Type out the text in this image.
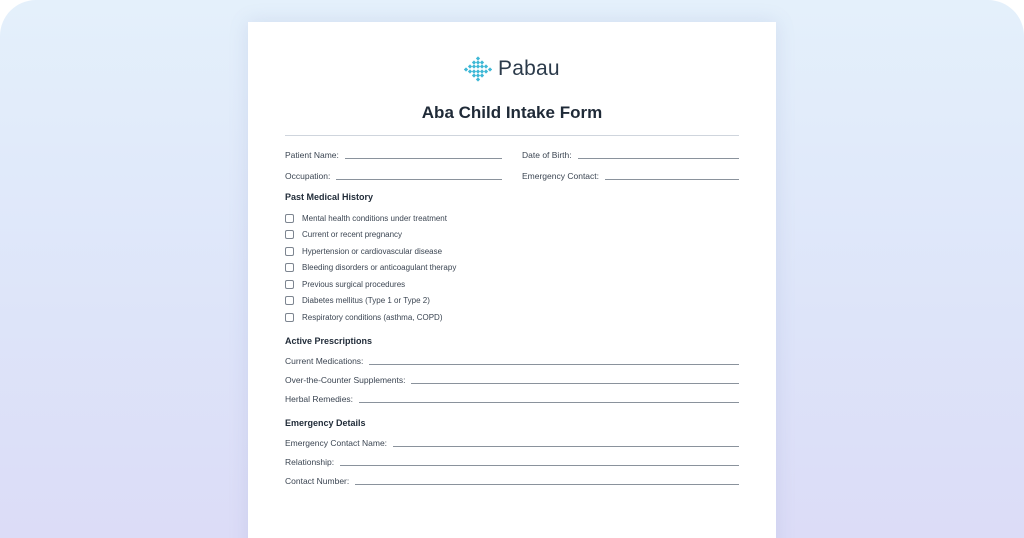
Pabau
Aba Child Intake Form
Patient Name:	Date of Birth:
Occupation:	Emergency Contact:
Past Medical History
Mental health conditions under treatment
Current or recent pregnancy
Hypertension or cardiovascular disease
Bleeding disorders or anticoagulant therapy
Previous surgical procedures
Diabetes mellitus (Type 1 or Type 2)
Respiratory conditions (asthma, COPD)
Active Prescriptions
Current Medications:
Over-the-Counter Supplements:
Herbal Remedies:
Emergency Details
Emergency Contact Name:
Relationship:
Contact Number:
